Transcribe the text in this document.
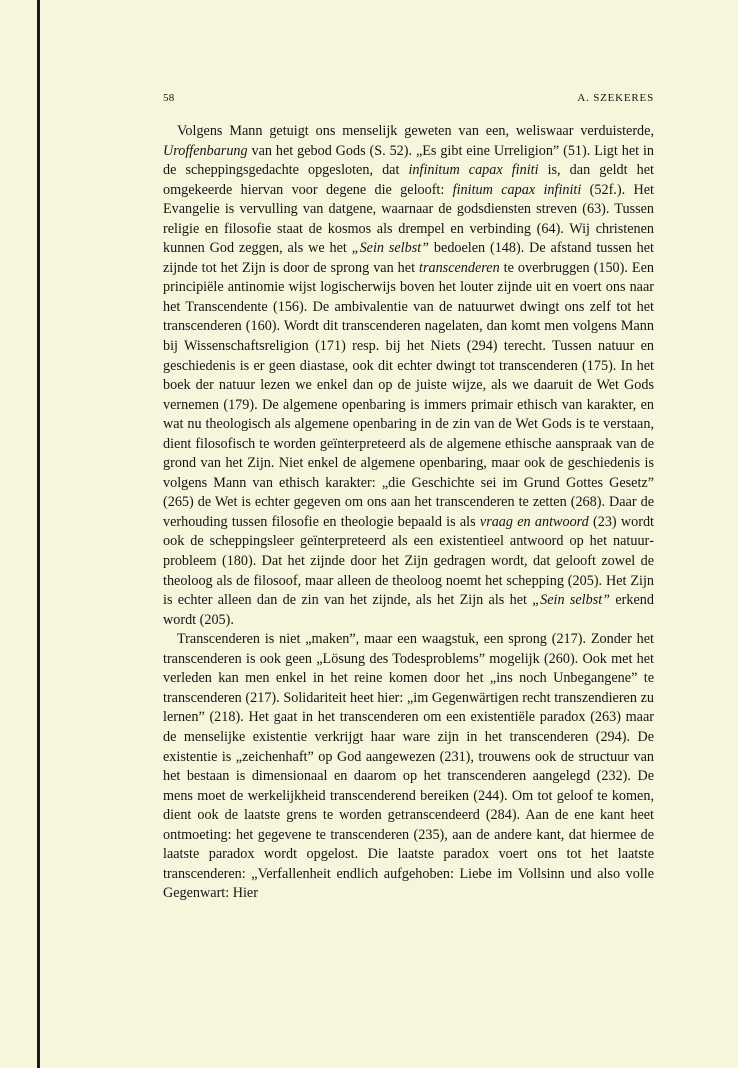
58	A. SZEKERES

Volgens Mann getuigt ons menselijk geweten van een, weliswaar verduisterde, Uroffenbarung van het gebod Gods (S. 52). „Es gibt eine Urreligion” (51). Ligt het in de scheppingsgedachte opgesloten, dat infinitum capax finiti is, dan geldt het omgekeerde hiervan voor degene die gelooft: finitum capax infiniti (52f.). Het Evangelie is vervulling van datgene, waarnaar de godsdiensten streven (63). Tussen religie en filosofie staat de kosmos als drempel en verbinding (64). Wij christenen kunnen God zeggen, als we het „Sein selbst” bedoelen (148). De afstand tussen het zijnde tot het Zijn is door de sprong van het transcenderen te overbruggen (150). Een principiële antinomie wijst logischerwijs boven het louter zijnde uit en voert ons naar het Transcendente (156). De ambivalentie van de natuurwet dwingt ons zelf tot het transcenderen (160). Wordt dit transcenderen nagelaten, dan komt men volgens Mann bij Wissenschaftsreligion (171) resp. bij het Niets (294) terecht. Tussen natuur en geschiedenis is er geen diastase, ook dit echter dwingt tot transcenderen (175). In het boek der natuur lezen we enkel dan op de juiste wijze, als we daaruit de Wet Gods vernemen (179). De algemene openbaring is immers primair ethisch van karakter, en wat nu theologisch als algemene openbaring in de zin van de Wet Gods is te verstaan, dient filosofisch te worden geïnterpreteerd als de algemene ethische aanspraak van de grond van het Zijn. Niet enkel de algemene openbaring, maar ook de geschiedenis is volgens Mann van ethisch karakter: „die Geschichte sei im Grund Gottes Gesetz” (265) de Wet is echter gegeven om ons aan het transcenderen te zetten (268). Daar de verhouding tussen filosofie en theologie bepaald is als vraag en antwoord (23) wordt ook de scheppingsleer geïnterpreteerd als een existentieel antwoord op het natuurprobleem (180). Dat het zijnde door het Zijn gedragen wordt, dat gelooft zowel de theoloog als de filosoof, maar alleen de theoloog noemt het schepping (205). Het Zijn is echter alleen dan de zin van het zijnde, als het Zijn als het „Sein selbst” erkend wordt (205).

Transcenderen is niet „maken”, maar een waagstuk, een sprong (217). Zonder het transcenderen is ook geen „Lösung des Todesproblems” mogelijk (260). Ook met het verleden kan men enkel in het reine komen door het „ins noch Unbegangene” te transcenderen (217). Solidariteit heet hier: „im Gegenwärtigen recht transzendieren zu lernen” (218). Het gaat in het transcenderen om een existentiële paradox (263) maar de menselijke existentie verkrijgt haar ware zijn in het transcenderen (294). De existentie is „zeichenhaft” op God aangewezen (231), trouwens ook de structuur van het bestaan is dimensionaal en daarom op het transcenderen aangelegd (232). De mens moet de werkelijkheid transcenderend bereiken (244). Om tot geloof te komen, dient ook de laatste grens te worden getranscendeerd (284). Aan de ene kant heet ontmoeting: het gegevene te transcenderen (235), aan de andere kant, dat hiermee de laatste paradox wordt opgelost. Die laatste paradox voert ons tot het laatste transcenderen: „Verfallenheit endlich aufgehoben: Liebe im Vollsinn und also volle Gegenwart: Hier
